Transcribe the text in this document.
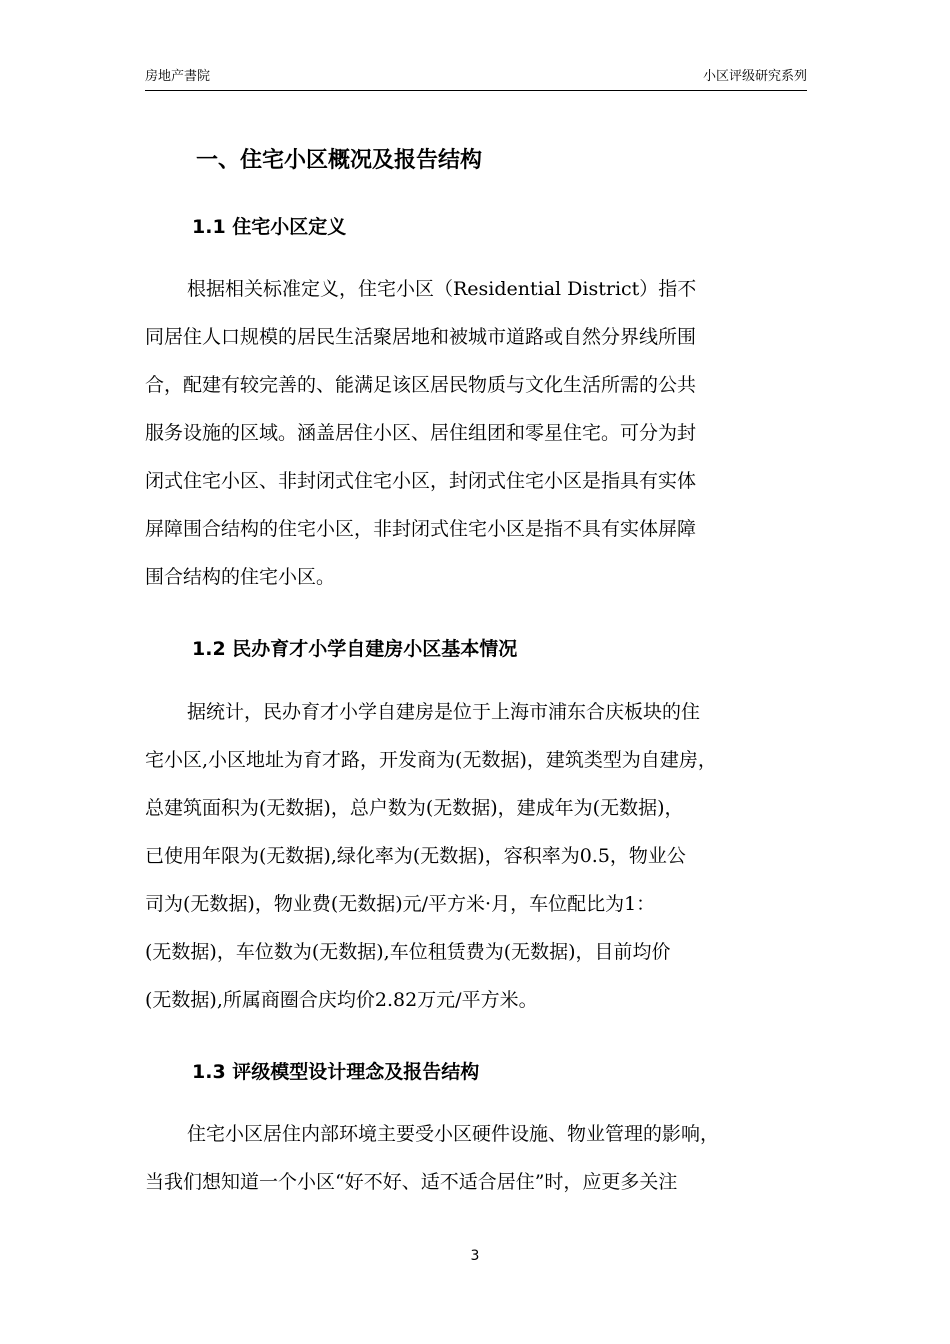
房地产書院	小区评级研究系列
一、住宅小区概况及报告结构
1.1 住宅小区定义
根据相关标准定义，住宅小区（Residential District）指不
同居住人口规模的居民生活聚居地和被城市道路或自然分界线所围
合，配建有较完善的、能满足该区居民物质与文化生活所需的公共
服务设施的区域。涵盖居住小区、居住组团和零星住宅。可分为封
闭式住宅小区、非封闭式住宅小区，封闭式住宅小区是指具有实体
屏障围合结构的住宅小区，非封闭式住宅小区是指不具有实体屏障
围合结构的住宅小区。
1.2 民办育才小学自建房小区基本情况
据统计，民办育才小学自建房是位于上海市浦东合庆板块的住
宅小区,小区地址为育才路，开发商为(无数据)，建筑类型为自建房，
总建筑面积为(无数据)，总户数为(无数据)，建成年为(无数据)，
已使用年限为(无数据),绿化率为(无数据)，容积率为0.5，物业公
司为(无数据)，物业费(无数据)元/平方米·月，车位配比为1：
(无数据)，车位数为(无数据),车位租赁费为(无数据)，目前均价
(无数据),所属商圈合庆均价2.82万元/平方米。
1.3 评级模型设计理念及报告结构
住宅小区居住内部环境主要受小区硬件设施、物业管理的影响，
当我们想知道一个小区“好不好、适不适合居住”时，应更多关注
3
